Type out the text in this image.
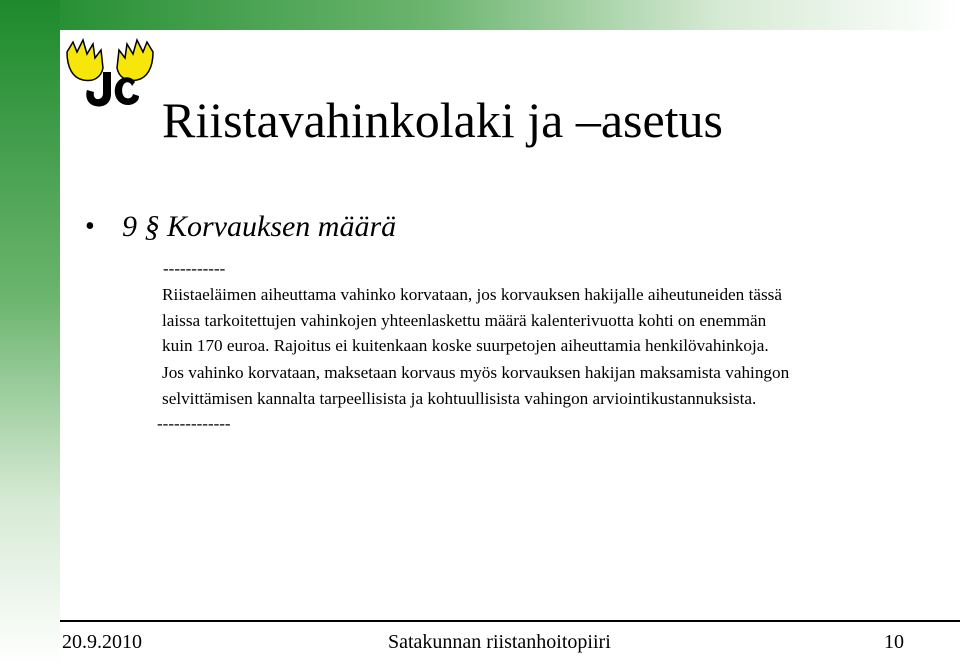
Riistavahinkolaki ja –asetus
• 9 § Korvauksen määrä
-----------

Riistaeläimen aiheuttama vahinko korvataan, jos korvauksen hakijalle aiheutuneiden tässä
laissa tarkoitettujen vahinkojen yhteenlaskettu määrä kalenterivuotta kohti on enemmän
kuin 170 euroa. Rajoitus ei kuitenkaan koske suurpetojen aiheuttamia henkilövahinkoja.

Jos vahinko korvataan, maksetaan korvaus myös korvauksen hakijan maksamista vahingon
selvittämisen kannalta tarpeellisista ja kohtuullisista vahingon arviointikustannuksista.

-------------
20.9.2010	Satakunnan riistanhoitopiiri	10
